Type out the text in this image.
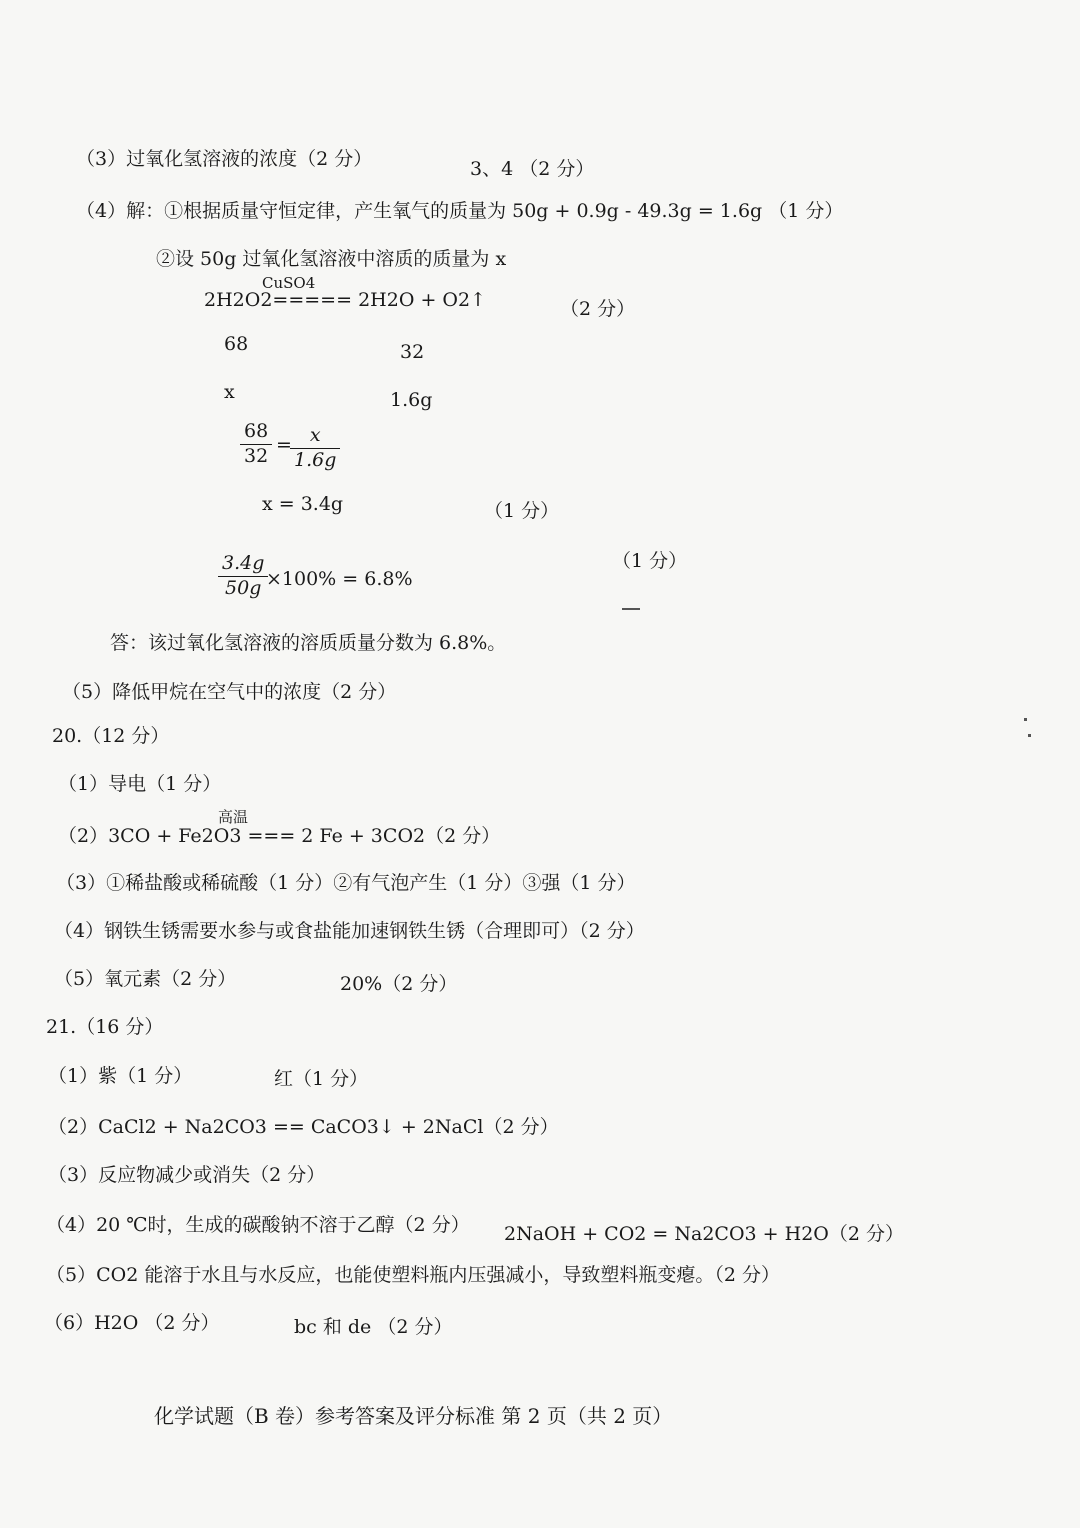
（3）过氧化氢溶液的浓度（2 分）	3、4 （2 分）
（4）解：①根据质量守恒定律，产生氧气的质量为 50g + 0.9g - 49.3g = 1.6g （1 分）
②设 50g 过氧化氢溶液中溶质的质量为 x
CuSO4
2H2O2===== 2H2O + O2↑	（2 分）
68	32
x	1.6g
$\frac{68}{32}$ =
$\frac{x}{1.6g}$
x = 3.4g	（1 分）
$\frac{3.4g}{50g}$
×100% = 6.8%
（1 分）
答：该过氧化氢溶液的溶质质量分数为 6.8%。
（5）降低甲烷在空气中的浓度（2 分）
20.（12 分）
（1）导电（1 分）
高温
（2）3CO + Fe2O3 === 2 Fe + 3CO2（2 分）
（3）①稀盐酸或稀硫酸（1 分）②有气泡产生（1 分）③强（1 分）
（4）钢铁生锈需要水参与或食盐能加速钢铁生锈（合理即可）（2 分）
（5）氧元素（2 分）	20%（2 分）
21.（16 分）
（1）紫（1 分）	红（1 分）
（2）CaCl2 + Na2CO3 == CaCO3↓ + 2NaCl（2 分）
（3）反应物减少或消失（2 分）
（4）20 ℃时，生成的碳酸钠不溶于乙醇（2 分） 2NaOH + CO2 = Na2CO3 + H2O（2 分）
（5）CO2 能溶于水且与水反应，也能使塑料瓶内压强减小，导致塑料瓶变瘪。（2 分）
（6）H2O （2 分）	bc 和 de （2 分）
化学试题（B 卷）参考答案及评分标准 第 2 页（共 2 页）
